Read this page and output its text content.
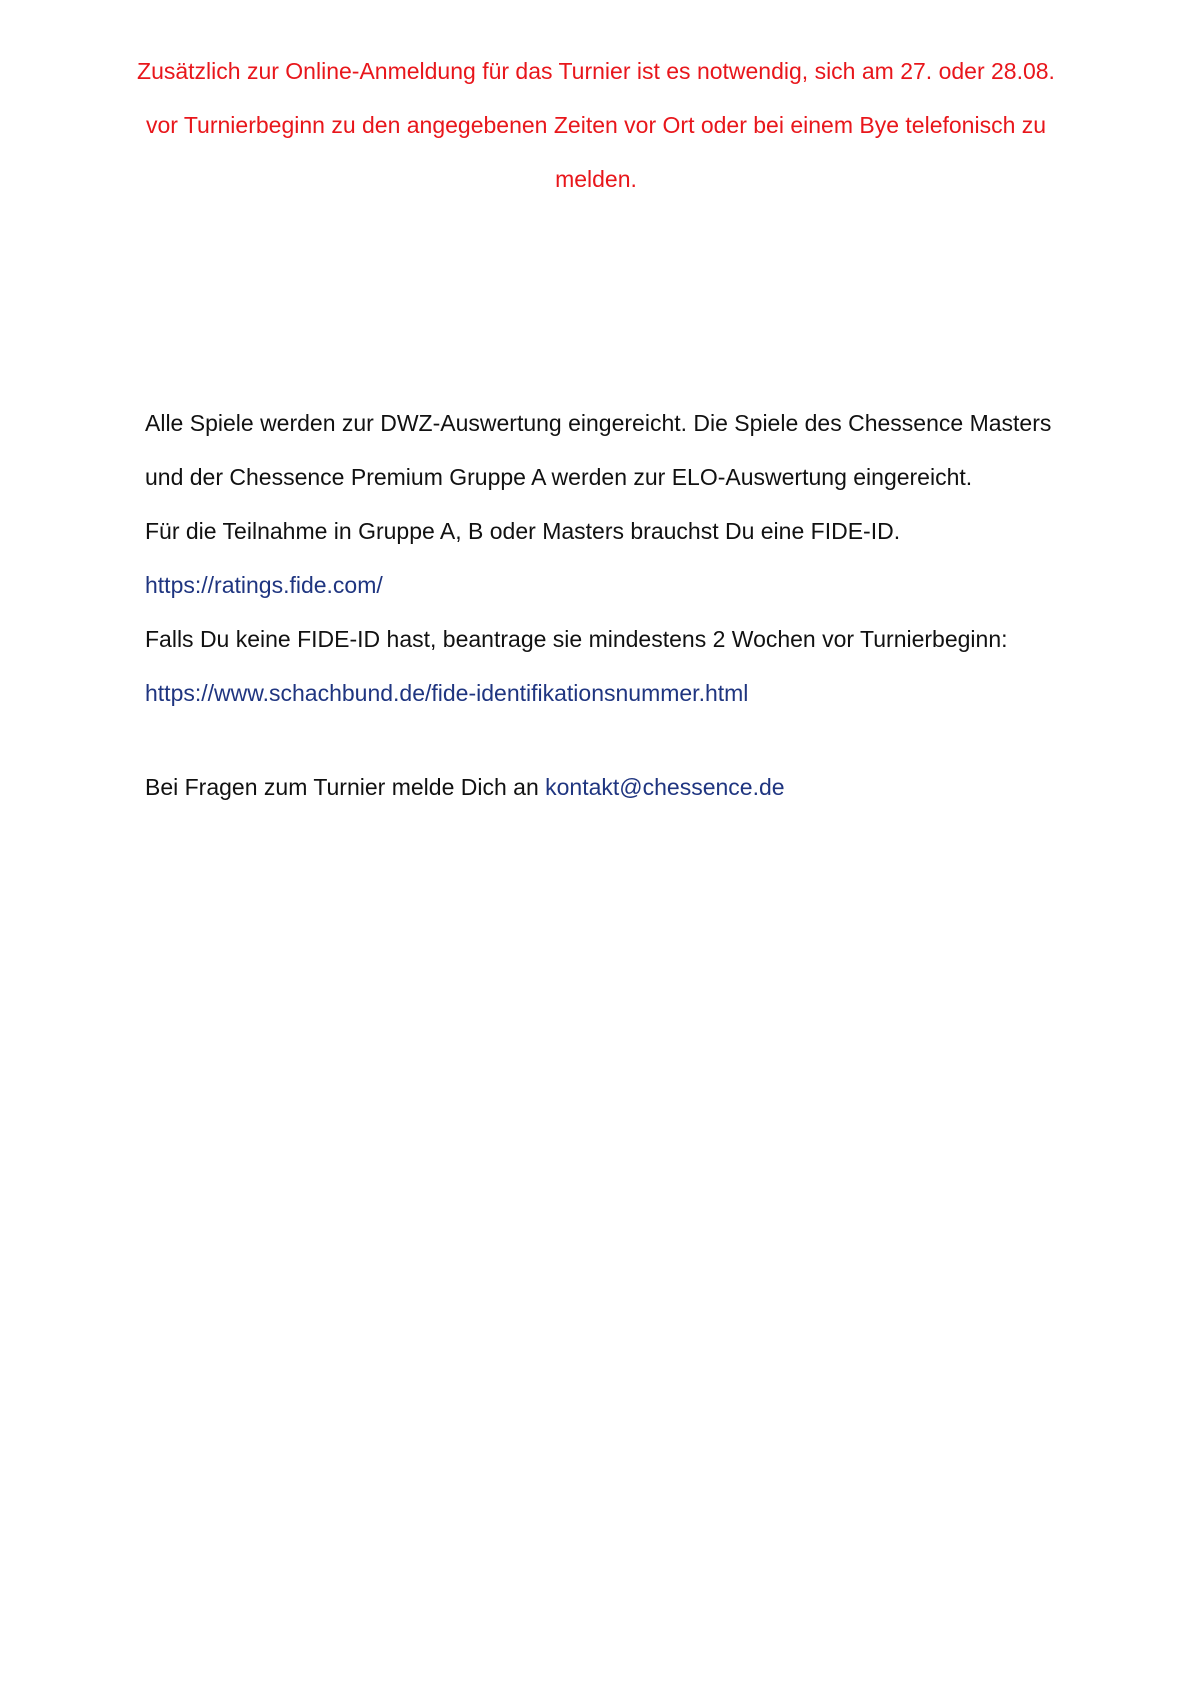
Zusätzlich zur Online-Anmeldung für das Turnier ist es notwendig, sich am 27. oder 28.08.

vor Turnierbeginn zu den angegebenen Zeiten vor Ort oder bei einem Bye telefonisch zu melden.

Alle Spiele werden zur DWZ-Auswertung eingereicht. Die Spiele des Chessence Masters und der Chessence Premium Gruppe A werden zur ELO-Auswertung eingereicht.

Für die Teilnahme in Gruppe A, B oder Masters brauchst Du eine FIDE-ID.

https://ratings.fide.com/

Falls Du keine FIDE-ID hast, beantrage sie mindestens 2 Wochen vor Turnierbeginn:

https://www.schachbund.de/fide-identifikationsnummer.html

Bei Fragen zum Turnier melde Dich an kontakt@chessence.de
